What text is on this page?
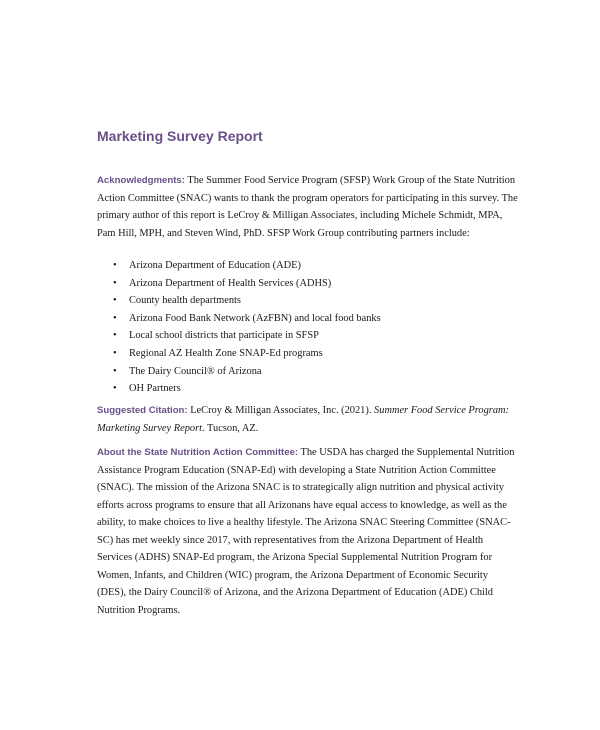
Marketing Survey Report

Acknowledgments: The Summer Food Service Program (SFSP) Work Group of the State Nutrition Action Committee (SNAC) wants to thank the program operators for participating in this survey. The primary author of this report is LeCroy & Milligan Associates, including Michele Schmidt, MPA, Pam Hill, MPH, and Steven Wind, PhD. SFSP Work Group contributing partners include:

• Arizona Department of Education (ADE)
• Arizona Department of Health Services (ADHS)
• County health departments
• Arizona Food Bank Network (AzFBN) and local food banks
• Local school districts that participate in SFSP
• Regional AZ Health Zone SNAP-Ed programs
• The Dairy Council® of Arizona
• OH Partners

Suggested Citation: LeCroy & Milligan Associates, Inc. (2021). Summer Food Service Program: Marketing Survey Report. Tucson, AZ.

About the State Nutrition Action Committee: The USDA has charged the Supplemental Nutrition Assistance Program Education (SNAP-Ed) with developing a State Nutrition Action Committee (SNAC). The mission of the Arizona SNAC is to strategically align nutrition and physical activity efforts across programs to ensure that all Arizonans have equal access to knowledge, as well as the ability, to make choices to live a healthy lifestyle. The Arizona SNAC Steering Committee (SNAC-SC) has met weekly since 2017, with representatives from the Arizona Department of Health Services (ADHS) SNAP-Ed program, the Arizona Special Supplemental Nutrition Program for Women, Infants, and Children (WIC) program, the Arizona Department of Economic Security (DES), the Dairy Council® of Arizona, and the Arizona Department of Education (ADE) Child Nutrition Programs.
